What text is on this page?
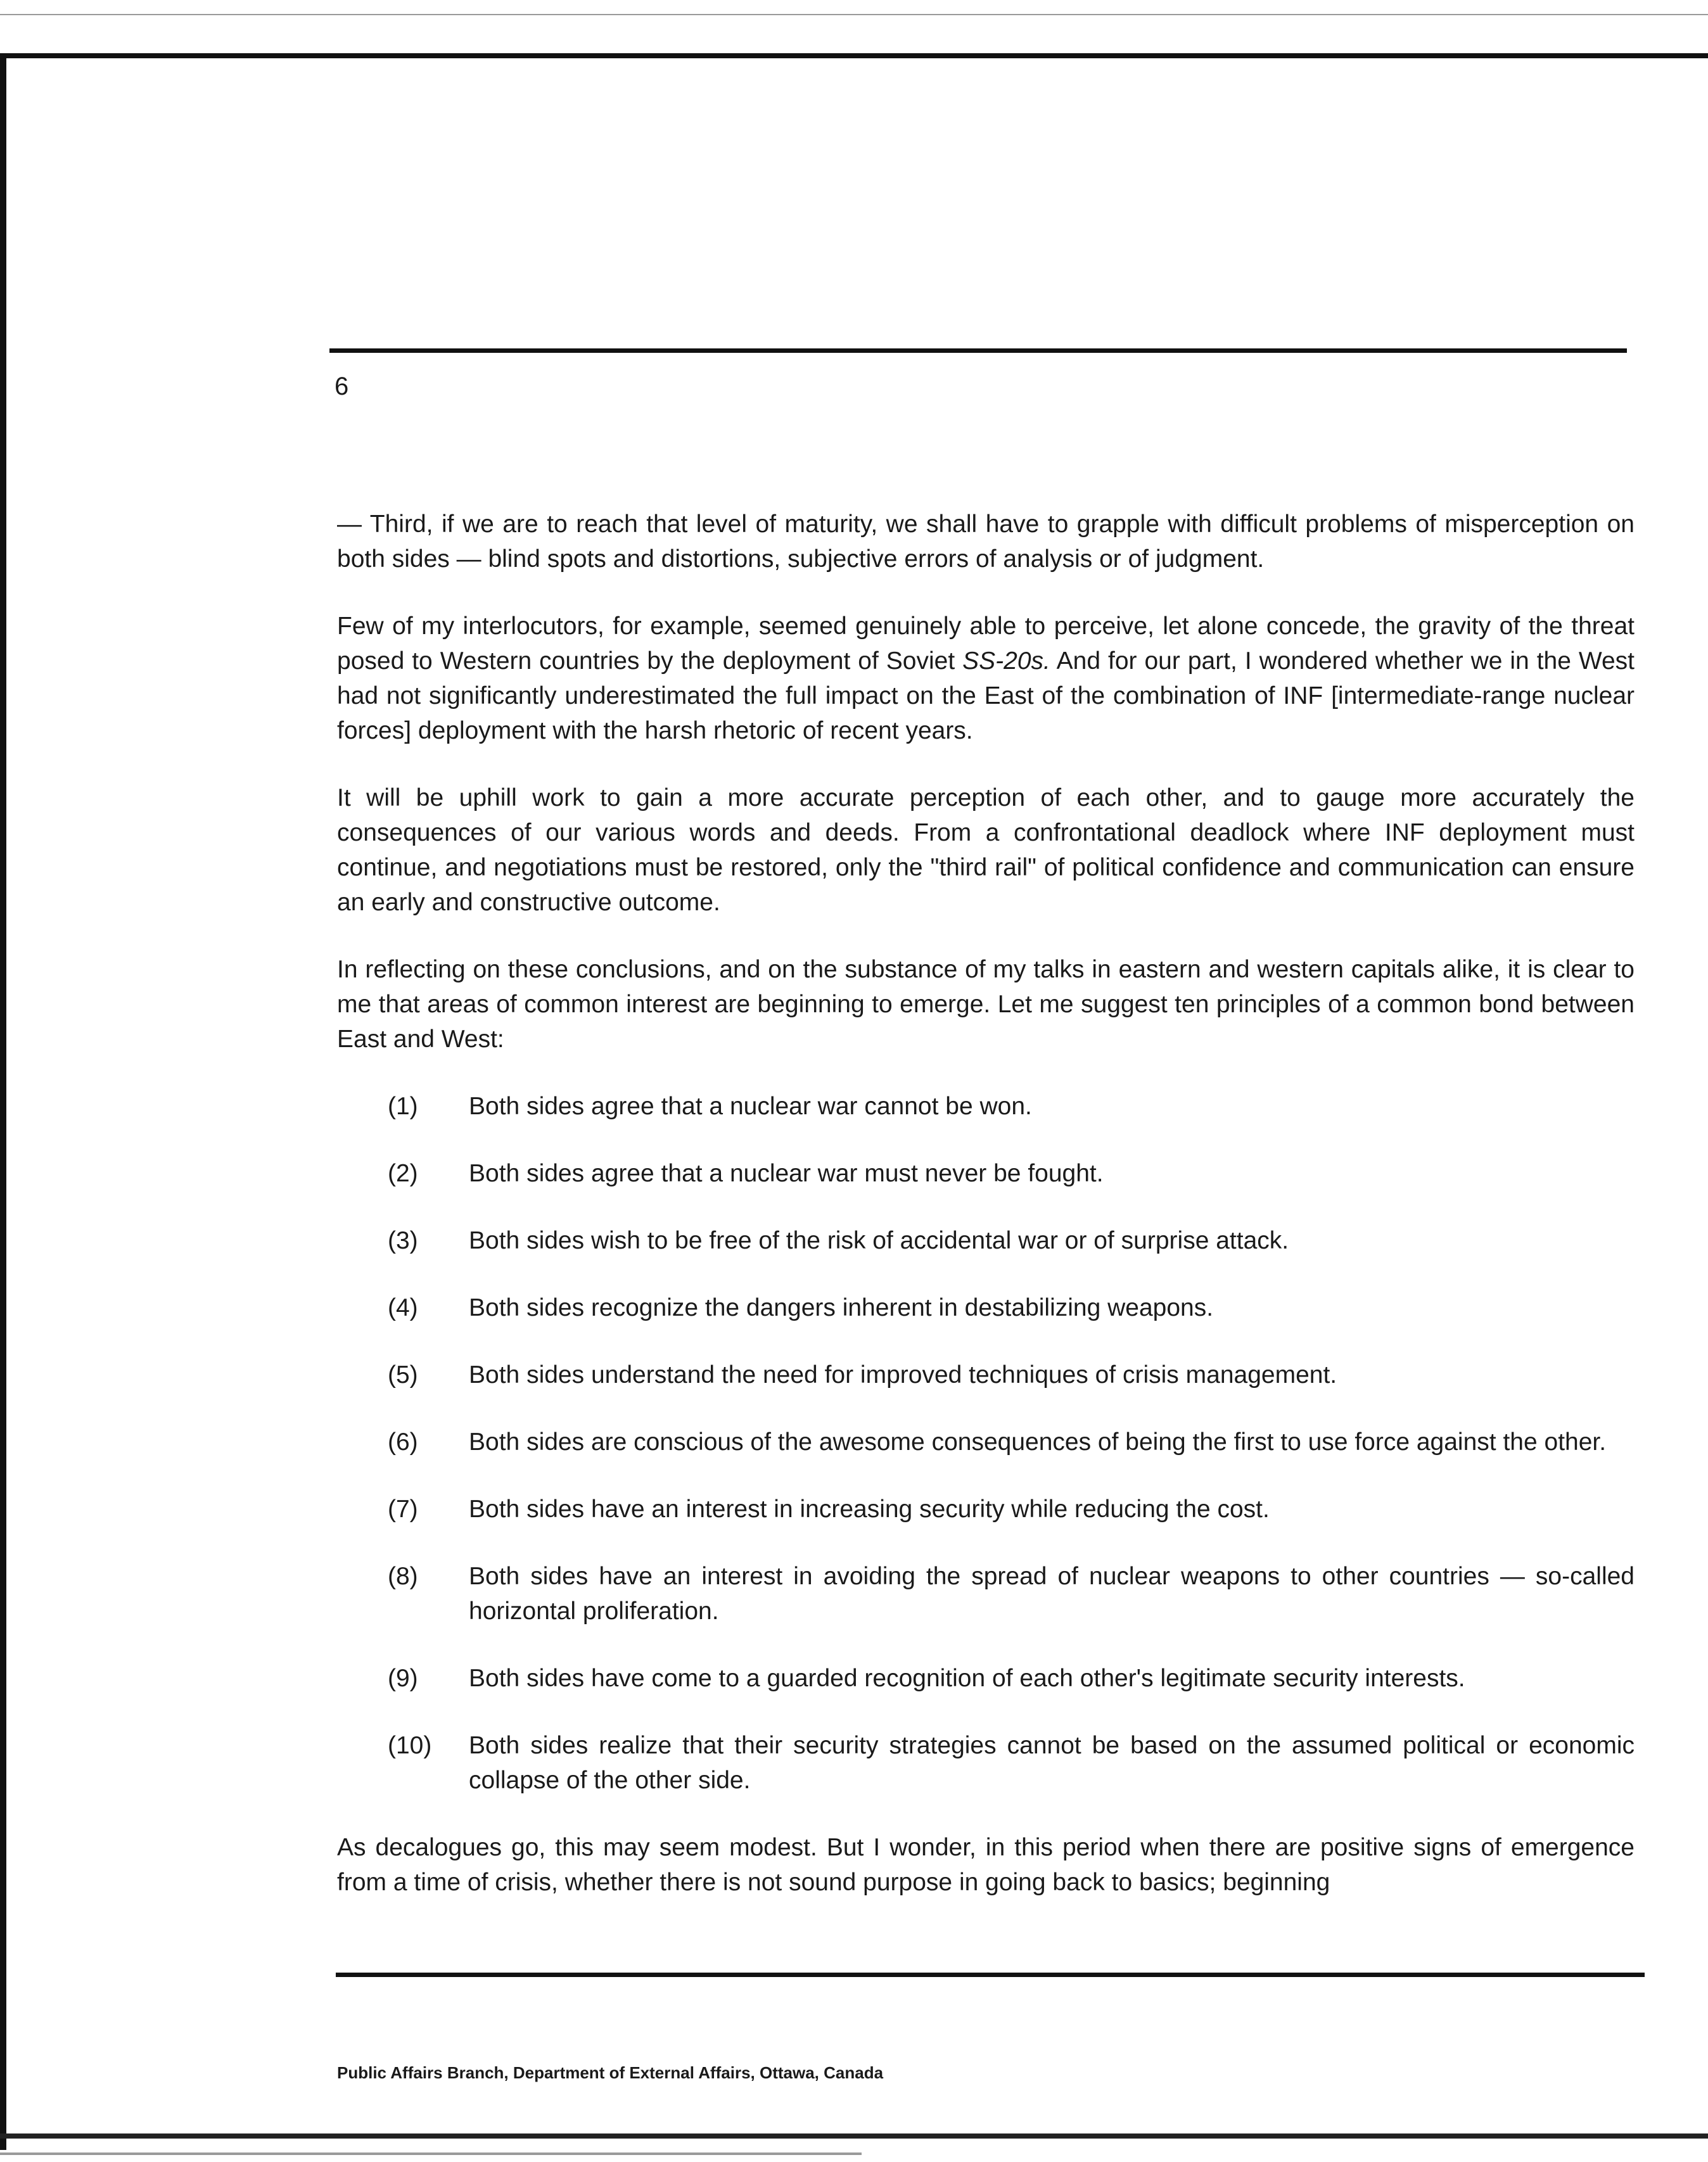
6

— Third, if we are to reach that level of maturity, we shall have to grapple with difficult problems of misperception on both sides — blind spots and distortions, subjective errors of analysis or of judgment.

Few of my interlocutors, for example, seemed genuinely able to perceive, let alone concede, the gravity of the threat posed to Western countries by the deployment of Soviet SS-20s. And for our part, I wondered whether we in the West had not significantly underestimated the full impact on the East of the combination of INF [intermediate-range nuclear forces] deployment with the harsh rhetoric of recent years.

It will be uphill work to gain a more accurate perception of each other, and to gauge more accurately the consequences of our various words and deeds. From a confrontational deadlock where INF deployment must continue, and negotiations must be restored, only the "third rail" of political confidence and communication can ensure an early and constructive outcome.

In reflecting on these conclusions, and on the substance of my talks in eastern and western capitals alike, it is clear to me that areas of common interest are beginning to emerge. Let me suggest ten principles of a common bond between East and West:

(1)	Both sides agree that a nuclear war cannot be won.
(2)	Both sides agree that a nuclear war must never be fought.
(3)	Both sides wish to be free of the risk of accidental war or of surprise attack.
(4)	Both sides recognize the dangers inherent in destabilizing weapons.
(5)	Both sides understand the need for improved techniques of crisis management.
(6)	Both sides are conscious of the awesome consequences of being the first to use force against the other.
(7)	Both sides have an interest in increasing security while reducing the cost.
(8)	Both sides have an interest in avoiding the spread of nuclear weapons to other countries — so-called horizontal proliferation.
(9)	Both sides have come to a guarded recognition of each other's legitimate security interests.
(10)	Both sides realize that their security strategies cannot be based on the assumed political or economic collapse of the other side.

As decalogues go, this may seem modest. But I wonder, in this period when there are positive signs of emergence from a time of crisis, whether there is not sound purpose in going back to basics; beginning

Public Affairs Branch, Department of External Affairs, Ottawa, Canada
